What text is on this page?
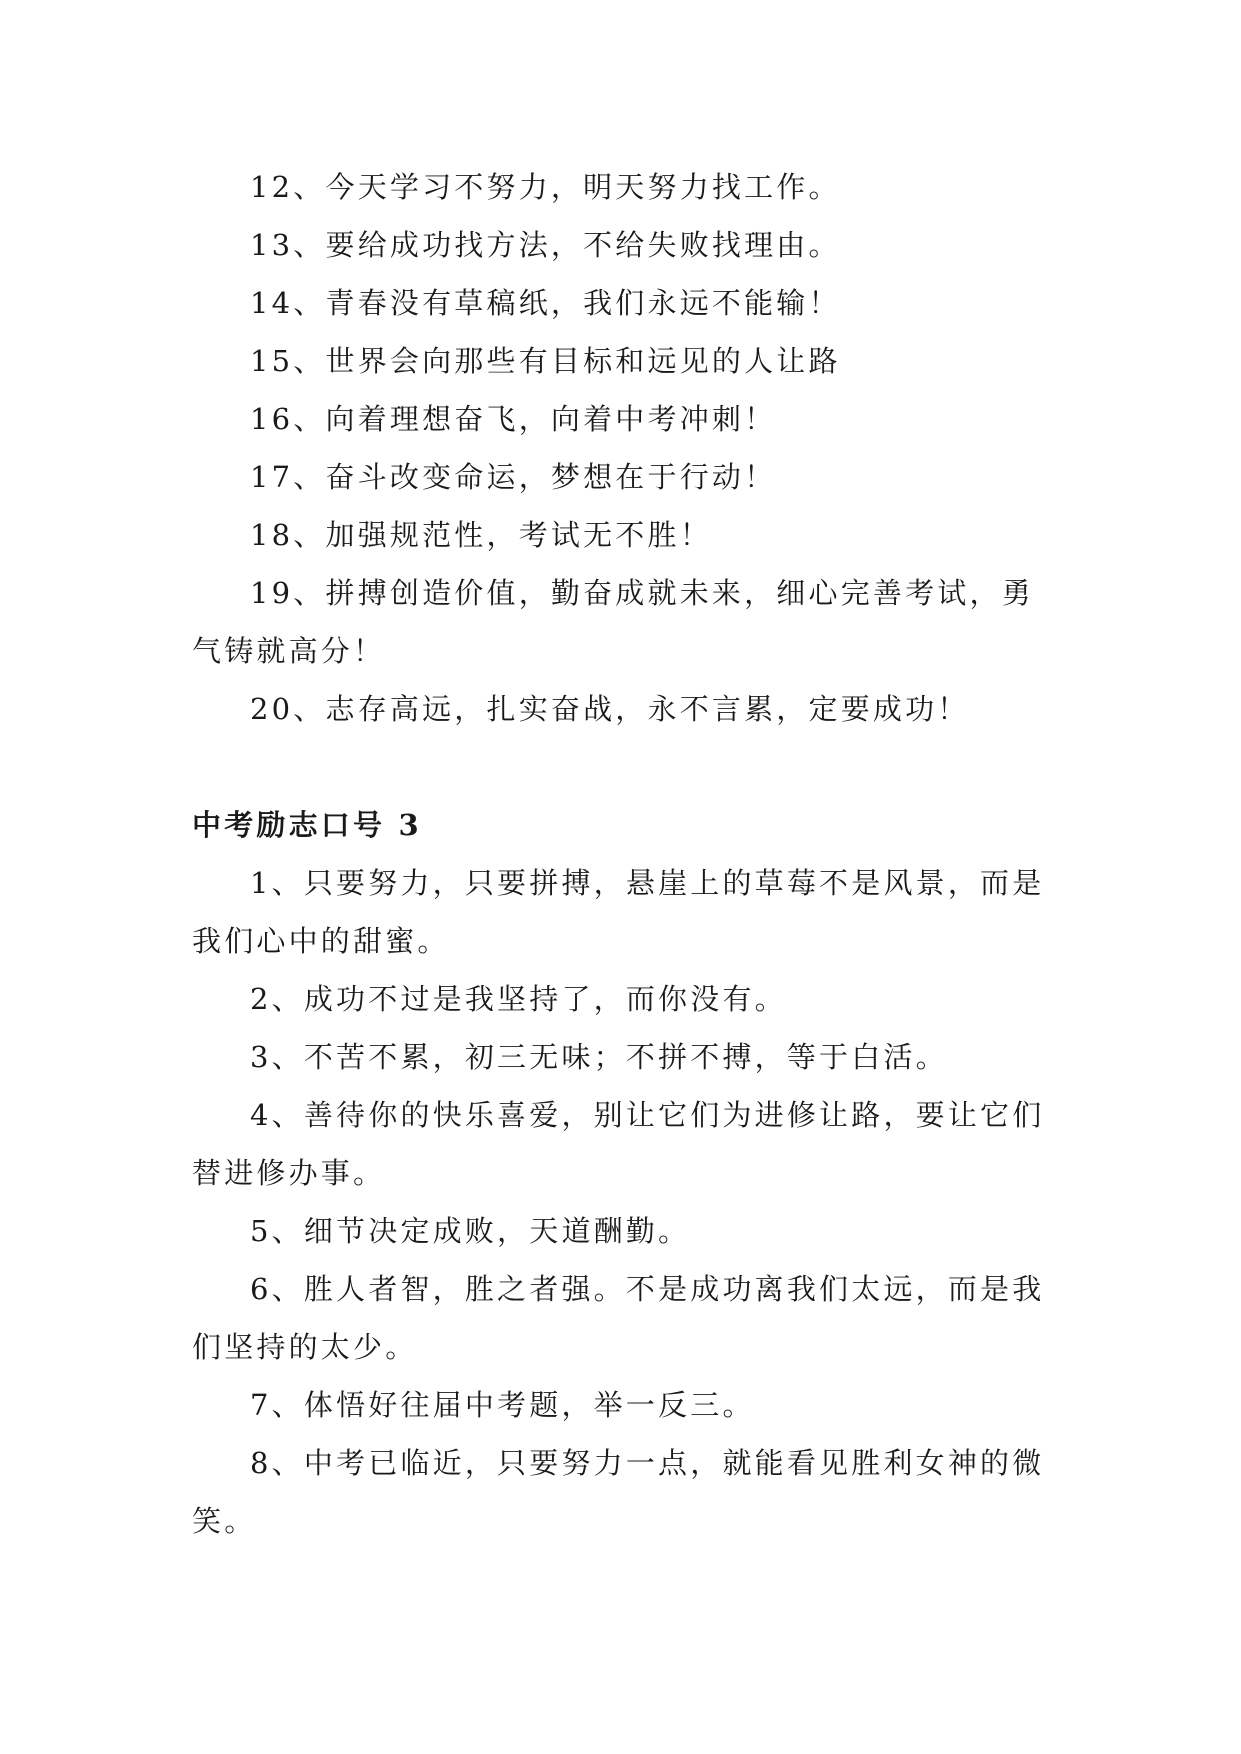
12、今天学习不努力，明天努力找工作。

13、要给成功找方法，不给失败找理由。

14、青春没有草稿纸，我们永远不能输！

15、世界会向那些有目标和远见的人让路

16、向着理想奋飞，向着中考冲刺！

17、奋斗改变命运，梦想在于行动！

18、加强规范性，考试无不胜！

19、拼搏创造价值，勤奋成就未来，细心完善考试，勇气铸就高分！

20、志存高远，扎实奋战，永不言累，定要成功！

中考励志口号 3

1、只要努力，只要拼搏，悬崖上的草莓不是风景，而是我们心中的甜蜜。

2、成功不过是我坚持了，而你没有。

3、不苦不累，初三无味；不拼不搏，等于白活。

4、善待你的快乐喜爱，别让它们为进修让路，要让它们替进修办事。

5、细节决定成败，天道酬勤。

6、胜人者智，胜之者强。不是成功离我们太远，而是我们坚持的太少。

7、体悟好往届中考题，举一反三。

8、中考已临近，只要努力一点，就能看见胜利女神的微笑。
